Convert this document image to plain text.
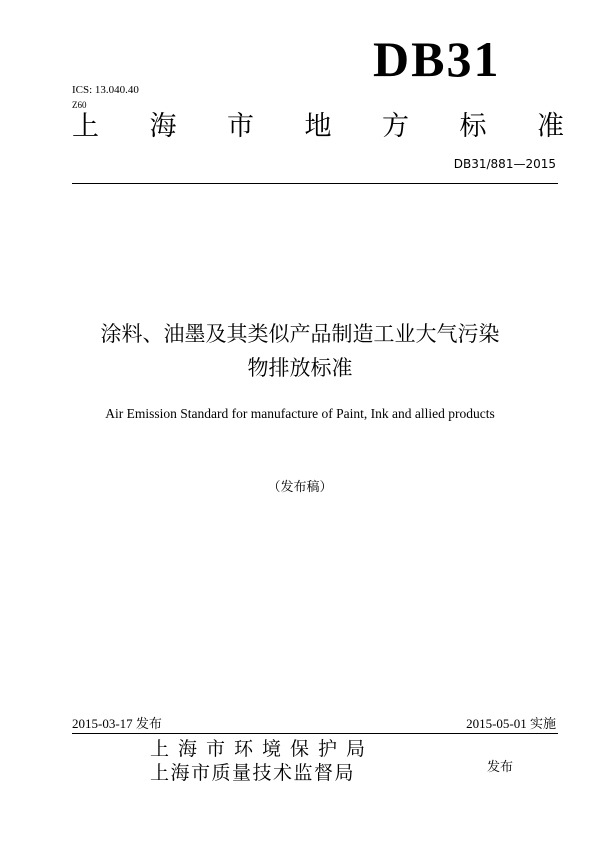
DB31
ICS: 13.040.40
Z60
上 海 市 地 方 标 准
DB31/881—2015
涂料、油墨及其类似产品制造工业大气污染
物排放标准
Air Emission Standard for manufacture of Paint, Ink and allied products
（发布稿）
2015-03-17 发布	2015-05-01 实施
上海市环境保护局
上海市质量技术监督局	发布
